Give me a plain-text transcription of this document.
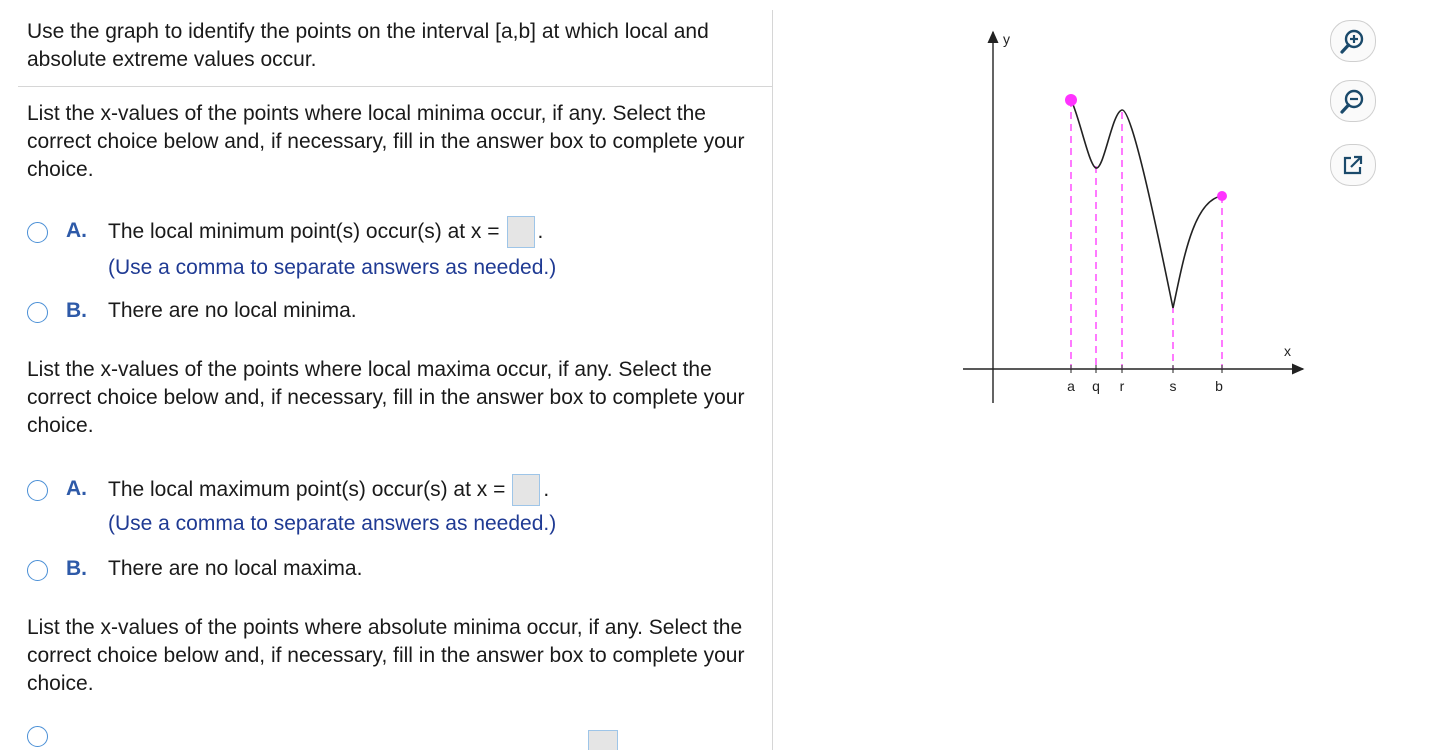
Use the graph to identify the points on the interval [a,b] at which local and absolute extreme values occur.

List the x-values of the points where local minima occur, if any. Select the correct choice below and, if necessary, fill in the answer box to complete your choice.

A. The local minimum point(s) occur(s) at x = .
(Use a comma to separate answers as needed.)
B. There are no local minima.

List the x-values of the points where local maxima occur, if any. Select the correct choice below and, if necessary, fill in the answer box to complete your choice.

A. The local maximum point(s) occur(s) at x = .
(Use a comma to separate answers as needed.)
B. There are no local maxima.

List the x-values of the points where absolute minima occur, if any. Select the correct choice below and, if necessary, fill in the answer box to complete your choice.

y
x
a q r	s	b
